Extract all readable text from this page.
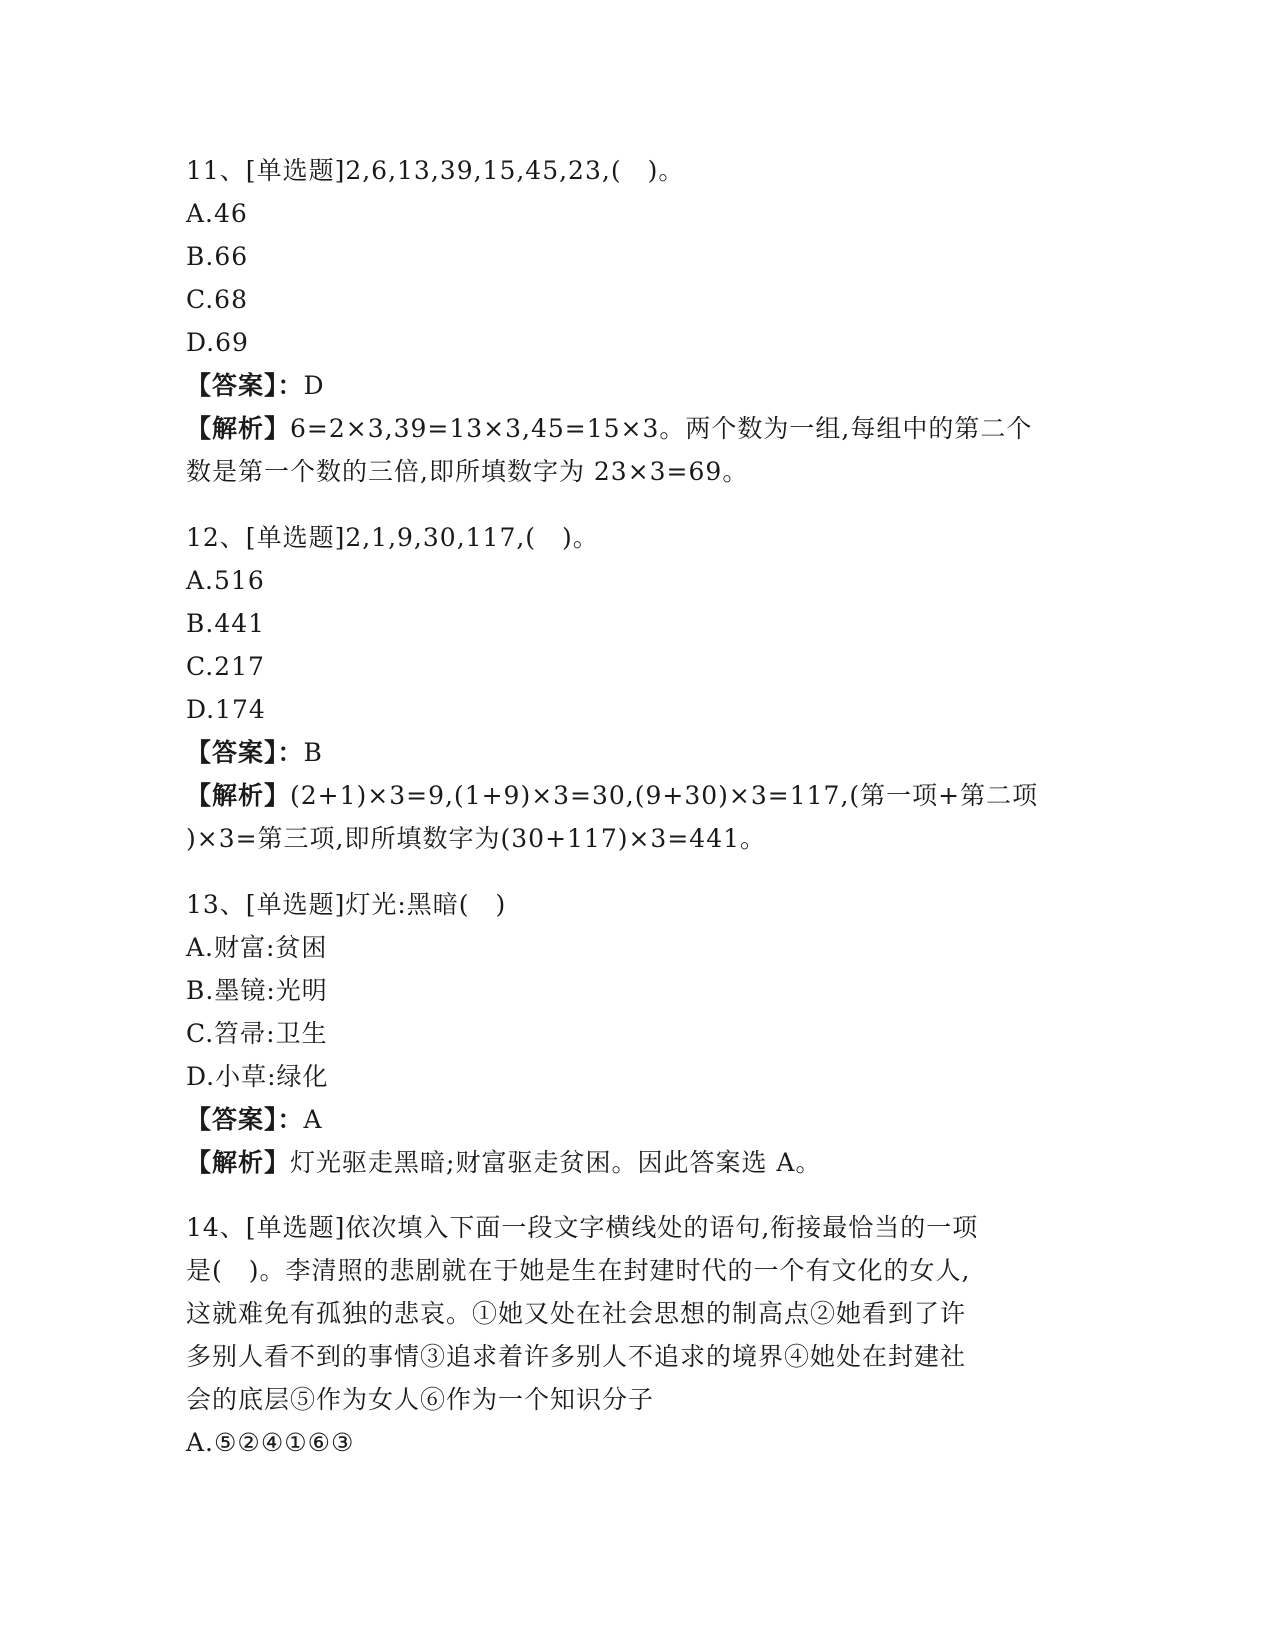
11、[单选题]2,6,13,39,15,45,23,(　)。
A.46
B.66
C.68
D.69
【答案】：D
【解析】6=2×3,39=13×3,45=15×3。两个数为一组,每组中的第二个
数是第一个数的三倍,即所填数字为 23×3=69。
12、[单选题]2,1,9,30,117,(　)。
A.516
B.441
C.217
D.174
【答案】：B
【解析】(2+1)×3=9,(1+9)×3=30,(9+30)×3=117,(第一项+第二项
)×3=第三项,即所填数字为(30+117)×3=441。
13、[单选题]灯光:黑暗(　)
A.财富:贫困
B.墨镜:光明
C.笤帚:卫生
D.小草:绿化
【答案】：A
【解析】灯光驱走黑暗;财富驱走贫困。因此答案选 A。
14、[单选题]依次填入下面一段文字横线处的语句,衔接最恰当的一项
是(　)。李清照的悲剧就在于她是生在封建时代的一个有文化的女人,
这就难免有孤独的悲哀。①她又处在社会思想的制高点②她看到了许
多别人看不到的事情③追求着许多别人不追求的境界④她处在封建社
会的底层⑤作为女人⑥作为一个知识分子
A.⑤②④①⑥③
